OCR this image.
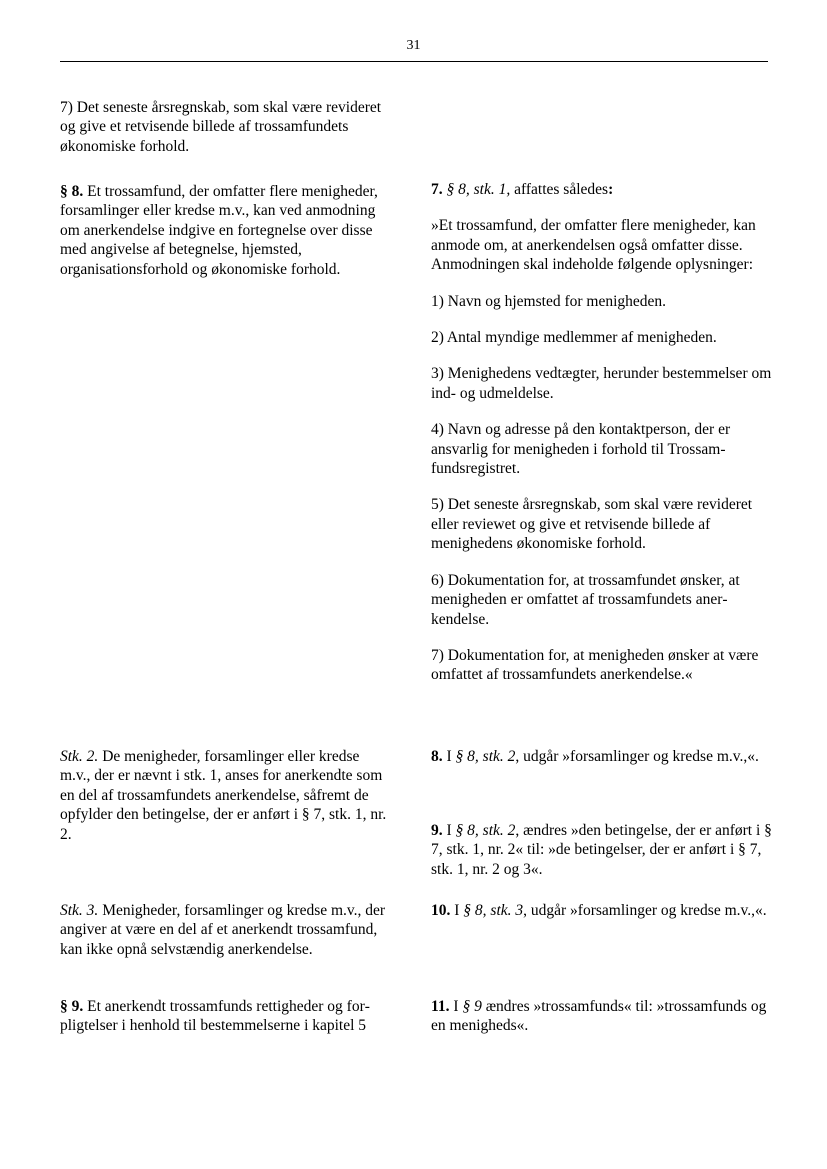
31
7) Det seneste årsregnskab, som skal være revideret og give et retvisende billede af trossamfundets økonomiske forhold.
§ 8. Et trossamfund, der omfatter flere menigheder, forsamlinger eller kredse m.v., kan ved anmodning om anerkendelse indgive en fortegnelse over disse med angivelse af betegnelse, hjemsted, organisationsforhold og økonomiske forhold.
Stk. 2. De menigheder, forsamlinger eller kredse m.v., der er nævnt i stk. 1, anses for anerkendte som en del af trossamfundets anerkendelse, såfremt de opfylder den betingelse, der er anført i § 7, stk. 1, nr. 2.
Stk. 3. Menigheder, forsamlinger og kredse m.v., der angiver at være en del af et anerkendt trossamfund, kan ikke opnå selvstændig anerkendelse.
§ 9. Et anerkendt trossamfunds rettigheder og forpligtelser i henhold til bestemmelserne i kapitel 5

7. § 8, stk. 1, affattes således:

»Et trossamfund, der omfatter flere menigheder, kan anmode om, at anerkendelsen også omfatter disse. Anmodningen skal indeholde følgende oplysninger:

1) Navn og hjemsted for menigheden.

2) Antal myndige medlemmer af menigheden.

3) Menighedens vedtægter, herunder bestemmelser om ind- og udmeldelse.

4) Navn og adresse på den kontaktperson, der er ansvarlig for menigheden i forhold til Trossamfundsregistret.

5) Det seneste årsregnskab, som skal være revideret eller reviewet og give et retvisende billede af menighedens økonomiske forhold.

6) Dokumentation for, at trossamfundet ønsker, at menigheden er omfattet af trossamfundets anerkendelse.

7) Dokumentation for, at menigheden ønsker at være omfattet af trossamfundets anerkendelse.«

8. I § 8, stk. 2, udgår »forsamlinger og kredse m.v.,«.
9. I § 8, stk. 2, ændres »den betingelse, der er anført i § 7, stk. 1, nr. 2« til: »de betingelser, der er anført i § 7, stk. 1, nr. 2 og 3«.
10. I § 8, stk. 3, udgår »forsamlinger og kredse m.v.,«.
11. I § 9 ændres »trossamfunds« til: »trossamfunds og en menigheds«.
